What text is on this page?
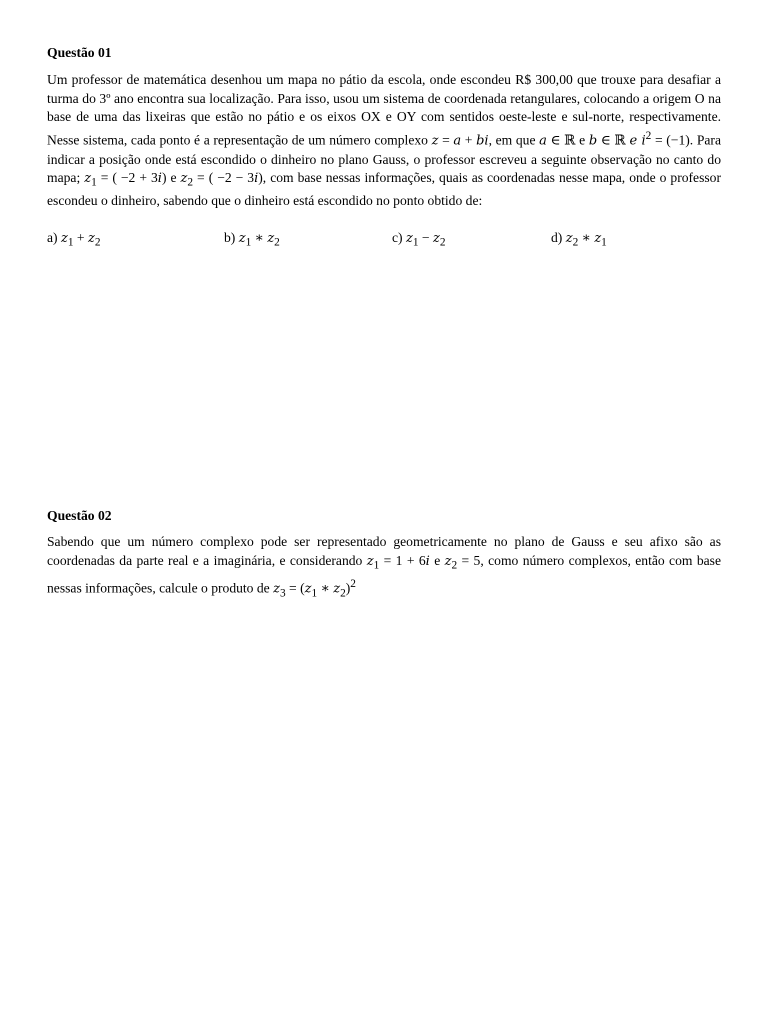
Questão 01

Um professor de matemática desenhou um mapa no pátio da escola, onde escondeu R$ 300,00 que trouxe para desafiar a turma do 3º ano encontra sua localização. Para isso, usou um sistema de coordenada retangulares, colocando a origem O na base de uma das lixeiras que estão no pátio e os eixos OX e OY com sentidos oeste-leste e sul-norte, respectivamente. Nesse sistema, cada ponto é a representação de um número complexo z = a + bi, em que a ∈ ℝ e b ∈ ℝ e $i^2 = (-1)$. Para indicar a posição onde está escondido o dinheiro no plano Gauss, o professor escreveu a seguinte observação no canto do mapa; $z_1$ = ( −2 + 3i) e $z_2$ = ( −2 − 3i), com base nessas informações, quais as coordenadas nesse mapa, onde o professor escondeu o dinheiro, sabendo que o dinheiro está escondido no ponto obtido de:

a) $z_1 + z_2$	b) $z_1$ ∗ $z_2$	c) $z_1 - z_2$	d) $z_2$ ∗ $z_1$
Questão 02

Sabendo que um número complexo pode ser representado geometricamente no plano de Gauss e seu afixo são as coordenadas da parte real e a imaginária, e considerando $z_1 = 1 + 6i$ e $z_2 = 5$, como número complexos, então com base nessas informações, calcule o produto de $z_3 = (z_1$ ∗ $z_2)^2$
